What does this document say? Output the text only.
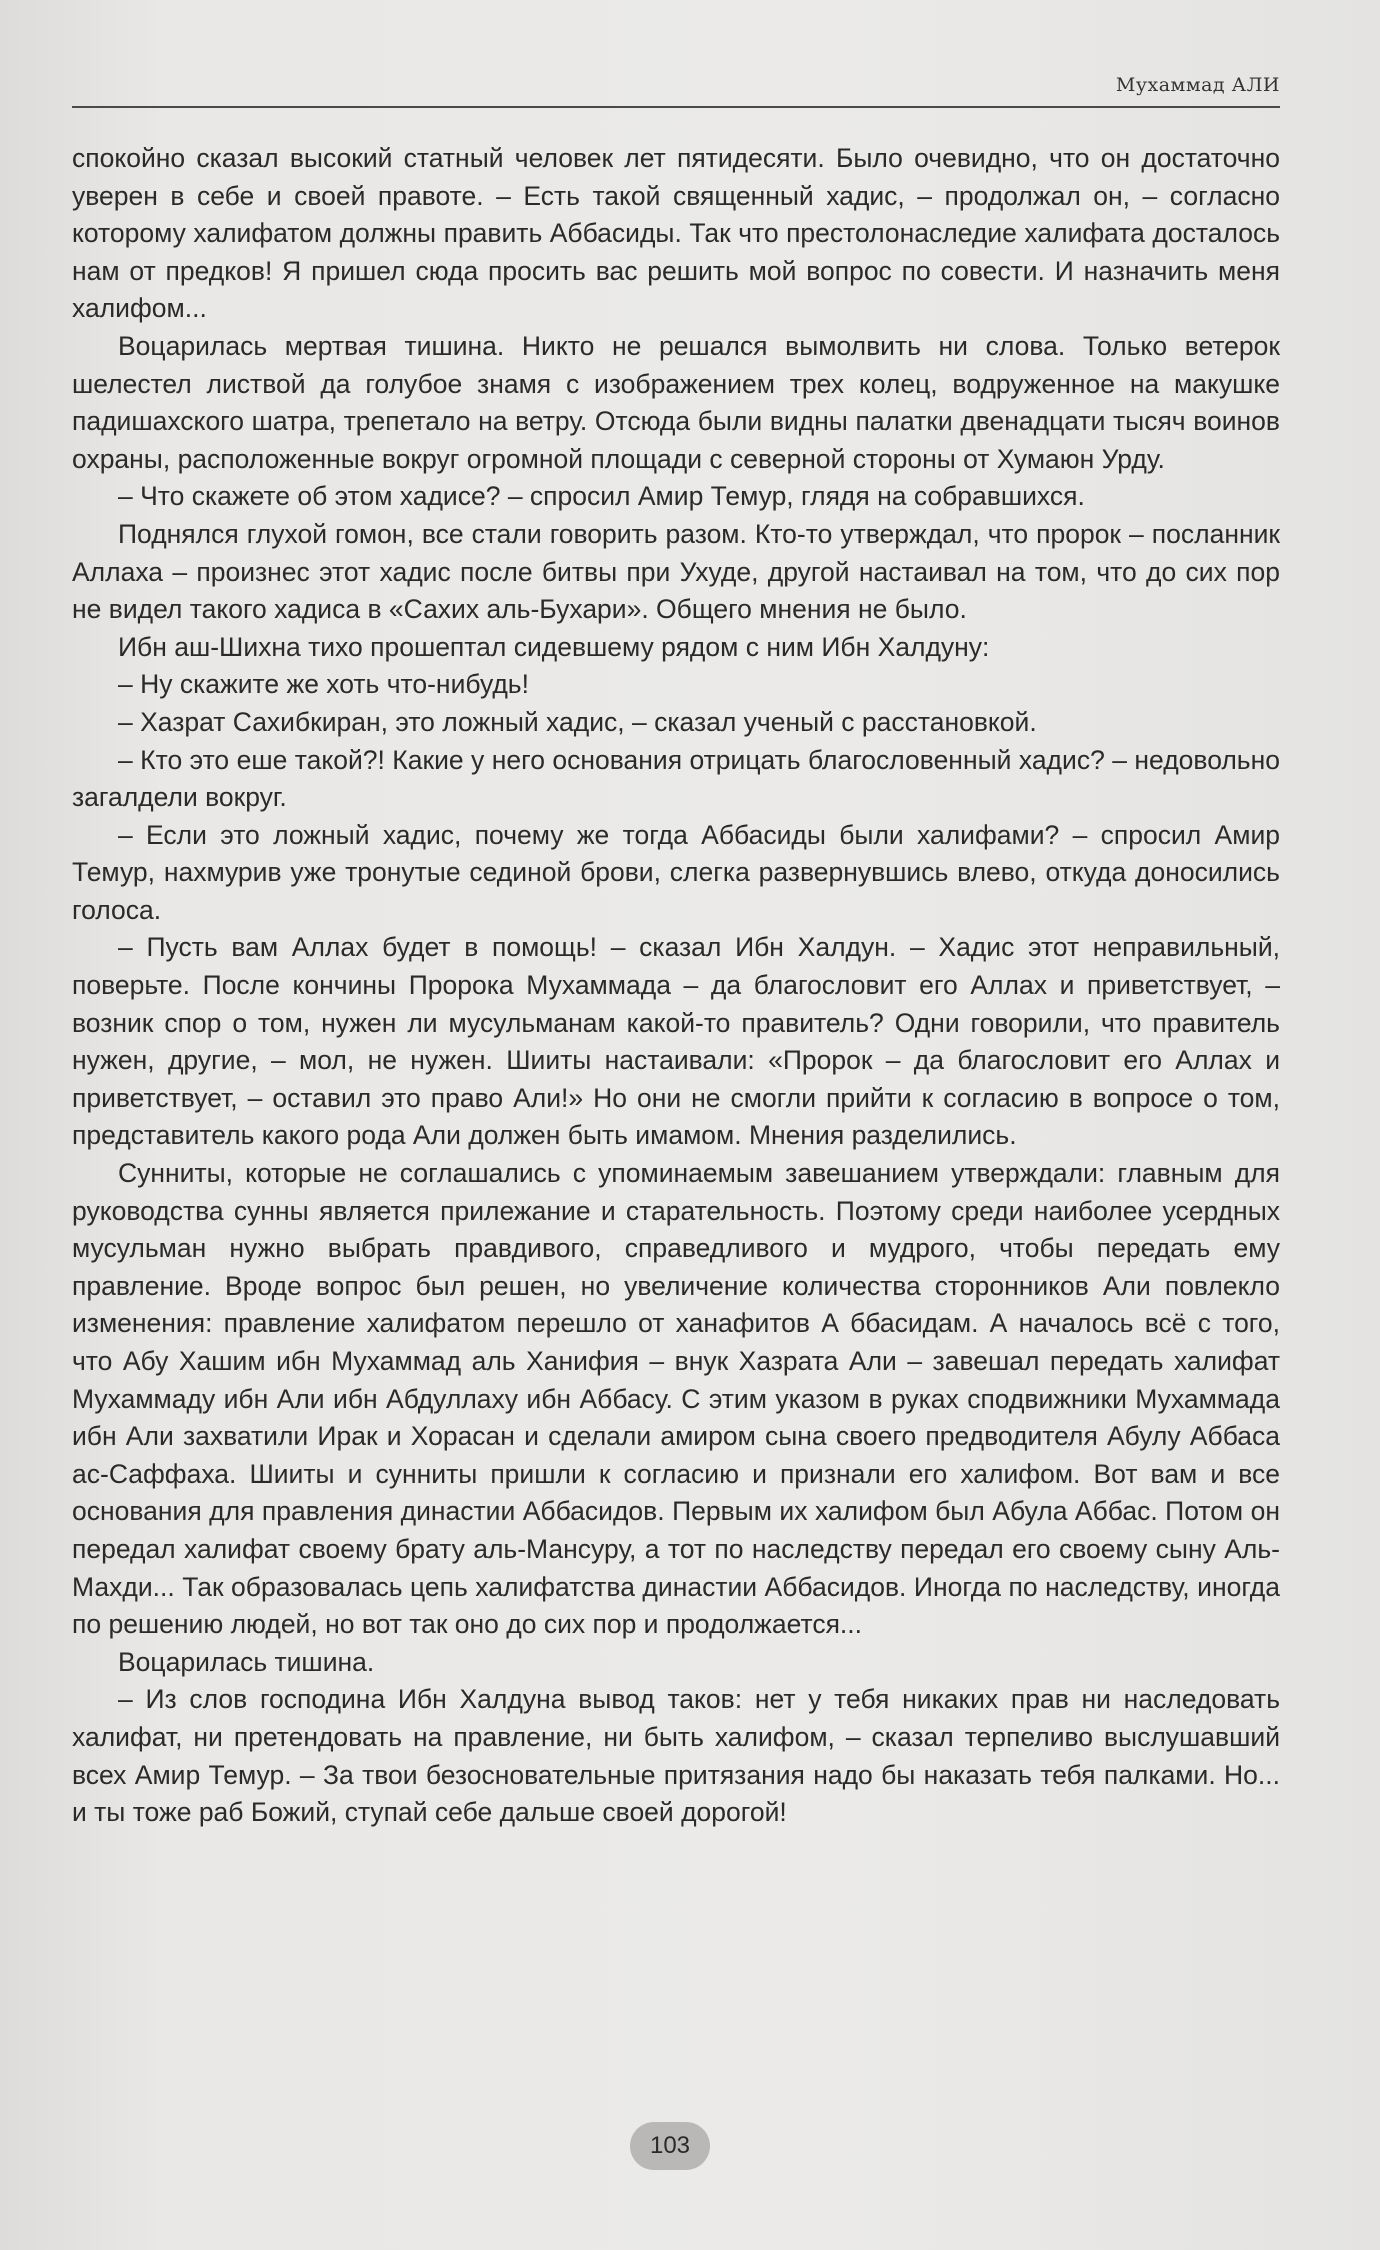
Мухаммад АЛИ

спокойно сказал высокий статный человек лет пятидесяти. Было очевидно, что он достаточно уверен в себе и своей правоте. – Есть такой священный хадис, – продолжал он, – согласно которому халифатом должны править Аббасиды. Так что престолонаследие халифата досталось нам от предков! Я пришел сюда просить вас решить мой вопрос по совести. И назначить меня халифом...

Воцарилась мертвая тишина. Никто не решался вымолвить ни слова. Только ветерок шелестел листвой да голубое знамя с изображением трех колец, водруженное на макушке падишахского шатра, трепетало на ветру. Отсюда были видны палатки двенадцати тысяч воинов охраны, расположенные вокруг огромной площади с северной стороны от Хумаюн Урду.

– Что скажете об этом хадисе? – спросил Амир Темур, глядя на собравшихся.

Поднялся глухой гомон, все стали говорить разом. Кто-то утверждал, что пророк – посланник Аллаха – произнес этот хадис после битвы при Ухуде, другой настаивал на том, что до сих пор не видел такого хадиса в «Сахих аль-Бухари». Общего мнения не было.

Ибн аш-Шихна тихо прошептал сидевшему рядом с ним Ибн Халдуну:

– Ну скажите же хоть что-нибудь!

– Хазрат Сахибкиран, это ложный хадис, – сказал ученый с расстановкой.

– Кто это еше такой?! Какие у него основания отрицать благословенный хадис? – недовольно загалдели вокруг.

– Если это ложный хадис, почему же тогда Аббасиды были халифами? – спросил Амир Темур, нахмурив уже тронутые сединой брови, слегка развернувшись влево, откуда доносились голоса.

– Пусть вам Аллах будет в помощь! – сказал Ибн Халдун. – Хадис этот неправильный, поверьте. После кончины Пророка Мухаммада – да благословит его Аллах и приветствует, – возник спор о том, нужен ли мусульманам какой-то правитель? Одни говорили, что правитель нужен, другие, – мол, не нужен. Шииты настаивали: «Пророк – да благословит его Аллах и приветствует, – оставил это право Али!» Но они не смогли прийти к согласию в вопросе о том, представитель какого рода Али должен быть имамом. Мнения разделились.

Сунниты, которые не соглашались с упоминаемым завешанием утверждали: главным для руководства сунны является прилежание и старательность. Поэтому среди наиболее усердных мусульман нужно выбрать правдивого, справедливого и мудрого, чтобы передать ему правление. Вроде вопрос был решен, но увеличение количества сторонников Али повлекло изменения: правление халифатом перешло от ханафитов А ббасидам. А началось всё с того, что Абу Хашим ибн Мухаммад аль Ханифия – внук Хазрата Али – завешал передать халифат Мухаммаду ибн Али ибн Абдуллаху ибн Аббасу. С этим указом в руках сподвижники Мухаммада ибн Али захватили Ирак и Хорасан и сделали амиром сына своего предводителя Абулу Аббаса ас-Саффаха. Шииты и сунниты пришли к согласию и признали его халифом. Вот вам и все основания для правления династии Аббасидов. Первым их халифом был Абула Аббас. Потом он передал халифат своему брату аль-Мансуру, а тот по наследству передал его своему сыну Аль-Махди... Так образовалась цепь халифатства династии Аббасидов. Иногда по наследству, иногда по решению людей, но вот так оно до сих пор и продолжается...

Воцарилась тишина.

– Из слов господина Ибн Халдуна вывод таков: нет у тебя никаких прав ни наследовать халифат, ни претендовать на правление, ни быть халифом, – сказал терпеливо выслушавший всех Амир Темур. – За твои безосновательные притязания надо бы наказать тебя палками. Но... и ты тоже раб Божий, ступай себе дальше своей дорогой!

103
